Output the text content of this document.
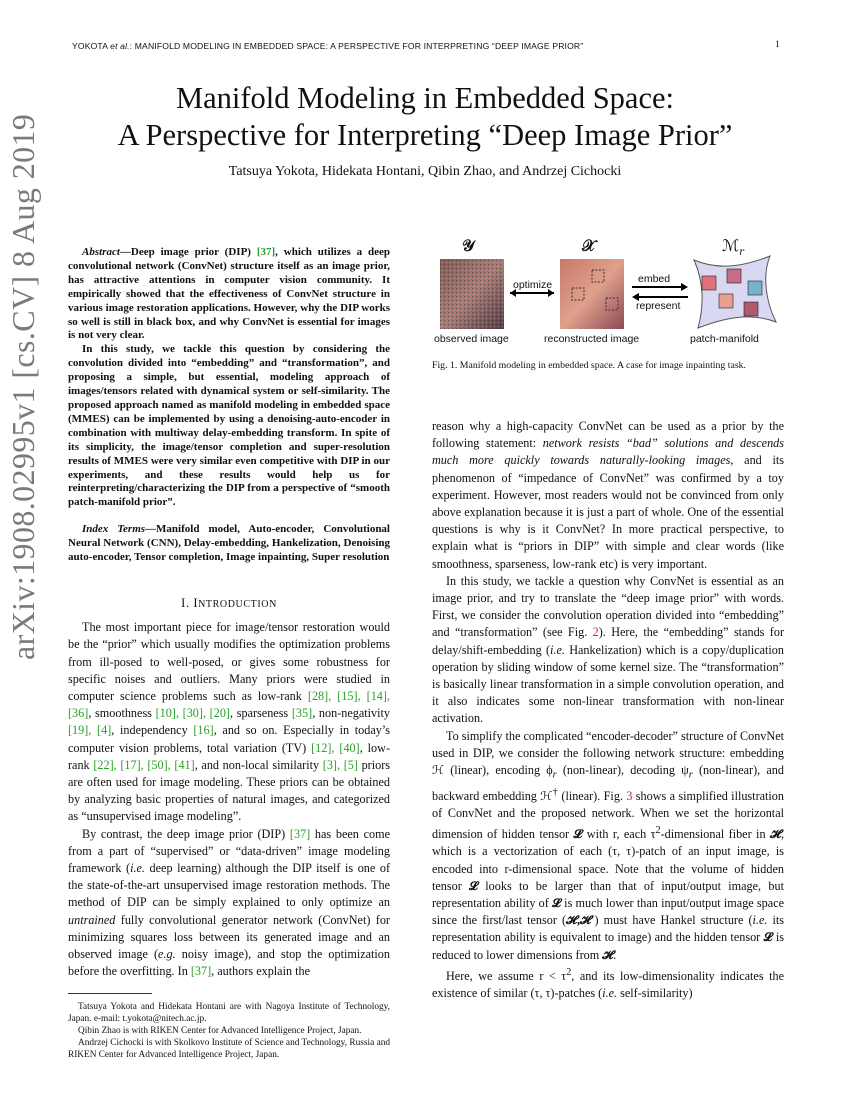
YOKOTA et al.: MANIFOLD MODELING IN EMBEDDED SPACE: A PERSPECTIVE FOR INTERPRETING “DEEP IMAGE PRIOR”	1
Manifold Modeling in Embedded Space:
A Perspective for Interpreting “Deep Image Prior”
Tatsuya Yokota, Hidekata Hontani, Qibin Zhao, and Andrzej Cichocki
arXiv:1908.02995v1 [cs.CV] 8 Aug 2019	Abstract—Deep image prior (DIP) [37], which utilizes a deep convolutional network (ConvNet) structure itself as an image prior, has attractive attentions in computer vision community. It empirically showed that the effectiveness of ConvNet structure in various image restoration applications. However, why the DIP works so well is still in black box, and why ConvNet is essential for images is not very clear.

In this study, we tackle this question by considering the convolution divided into “embedding” and “transformation”, and proposing a simple, but essential, modeling approach of images/tensors related with dynamical system or self-similarity. The proposed approach named as manifold modeling in embedded space (MMES) can be implemented by using a denoising-auto-encoder in combination with multiway delay-embedding transform. In spite of its simplicity, the image/tensor completion and super-resolution results of MMES were very similar even competitive with DIP in our experiments, and these results would help us for reinterpreting/characterizing the DIP from a perspective of “smooth patch-manifold prior”.

Index Terms—Manifold model, Auto-encoder, Convolutional Neural Network (CNN), Delay-embedding, Hankelization, Denoising auto-encoder, Tensor completion, Image inpainting, Super resolution

I. INTRODUCTION

The most important piece for image/tensor restoration would be the “prior” which usually modifies the optimization problems from ill-posed to well-posed, or gives some robustness for specific noises and outliers. Many priors were studied in computer science problems such as low-rank [28], [15], [14], [36], smoothness [10], [30], [20], sparseness [35], non-negativity [19], [4], independency [16], and so on. Especially in today’s computer vision problems, total variation (TV) [12], [40], low-rank [22], [17], [50], [41], and non-local similarity [3], [5] priors are often used for image modeling. These priors can be obtained by analyzing basic properties of natural images, and categorized as “unsupervised image modeling”.

By contrast, the deep image prior (DIP) [37] has been come from a part of “supervised” or “data-driven” image modeling framework (i.e. deep learning) although the DIP itself is one of the state-of-the-art unsupervised image restoration methods. The method of DIP can be simply explained to only optimize an untrained fully convolutional generator network (ConvNet) for minimizing squares loss between its generated image and an observed image (e.g. noisy image), and stop the optimization before the overfitting. In [37], authors explain the

Tatsuya Yokota and Hidekata Hontani are with Nagoya Institute of Technology, Japan. e-mail: t.yokota@nitech.ac.jp.

Qibin Zhao is with RIKEN Center for Advanced Intelligence Project, Japan.

Andrzej Cichocki is with Skolkovo Institute of Science and Technology, Russia and RIKEN Center for Advanced Intelligence Project, Japan.

𝒴	𝒳	ℳ$_r$
optimize	embed
represent
observed image	reconstructed image	patch-manifold
Fig. 1. Manifold modeling in embedded space. A case for image inpainting task.

reason why a high-capacity ConvNet can be used as a prior by the following statement: network resists “bad” solutions and descends much more quickly towards naturally-looking images, and its phenomenon of “impedance of ConvNet” was confirmed by a toy experiment. However, most readers would not be convinced from only above explanation because it is just a part of whole. One of the essential questions is why is it ConvNet? In more practical perspective, to explain what is “priors in DIP” with simple and clear words (like smoothness, sparseness, low-rank etc) is very important.

In this study, we tackle a question why ConvNet is essential as an image prior, and try to translate the “deep image prior” with words. First, we consider the convolution operation divided into “embedding” and “transformation” (see Fig. 2). Here, the “embedding” stands for delay/shift-embedding (i.e. Hankelization) which is a copy/duplication operation by sliding window of some kernel size. The “transformation” is basically linear transformation in a simple convolution operation, and it also indicates some non-linear transformation with non-linear activation.

To simplify the complicated “encoder-decoder” structure of ConvNet used in DIP, we consider the following network structure: embedding ℋ (linear), encoding $\phi_r$ (non-linear), decoding $\psi_r$ (non-linear), and backward embedding ℋ† (linear). Fig. 3 shows a simplified illustration of ConvNet and the proposed network. When we set the horizontal dimension of hidden tensor 𝓛 with r, each $\tau^2$-dimensional fiber in 𝓗, which is a vectorization of each (τ, τ)-patch of an input image, is encoded into r-dimensional space. Note that the volume of hidden tensor 𝓛 looks to be larger than that of input/output image, but representation ability of 𝓛 is much lower than input/output image space since the first/last tensor (𝓗,𝓗′) must have Hankel structure (i.e. its representation ability is equivalent to image) and the hidden tensor 𝓛 is reduced to lower dimensions from 𝓗.

Here, we assume $r < \tau^2$, and its low-dimensionality indicates the existence of similar (τ, τ)-patches (i.e. self-similarity)
